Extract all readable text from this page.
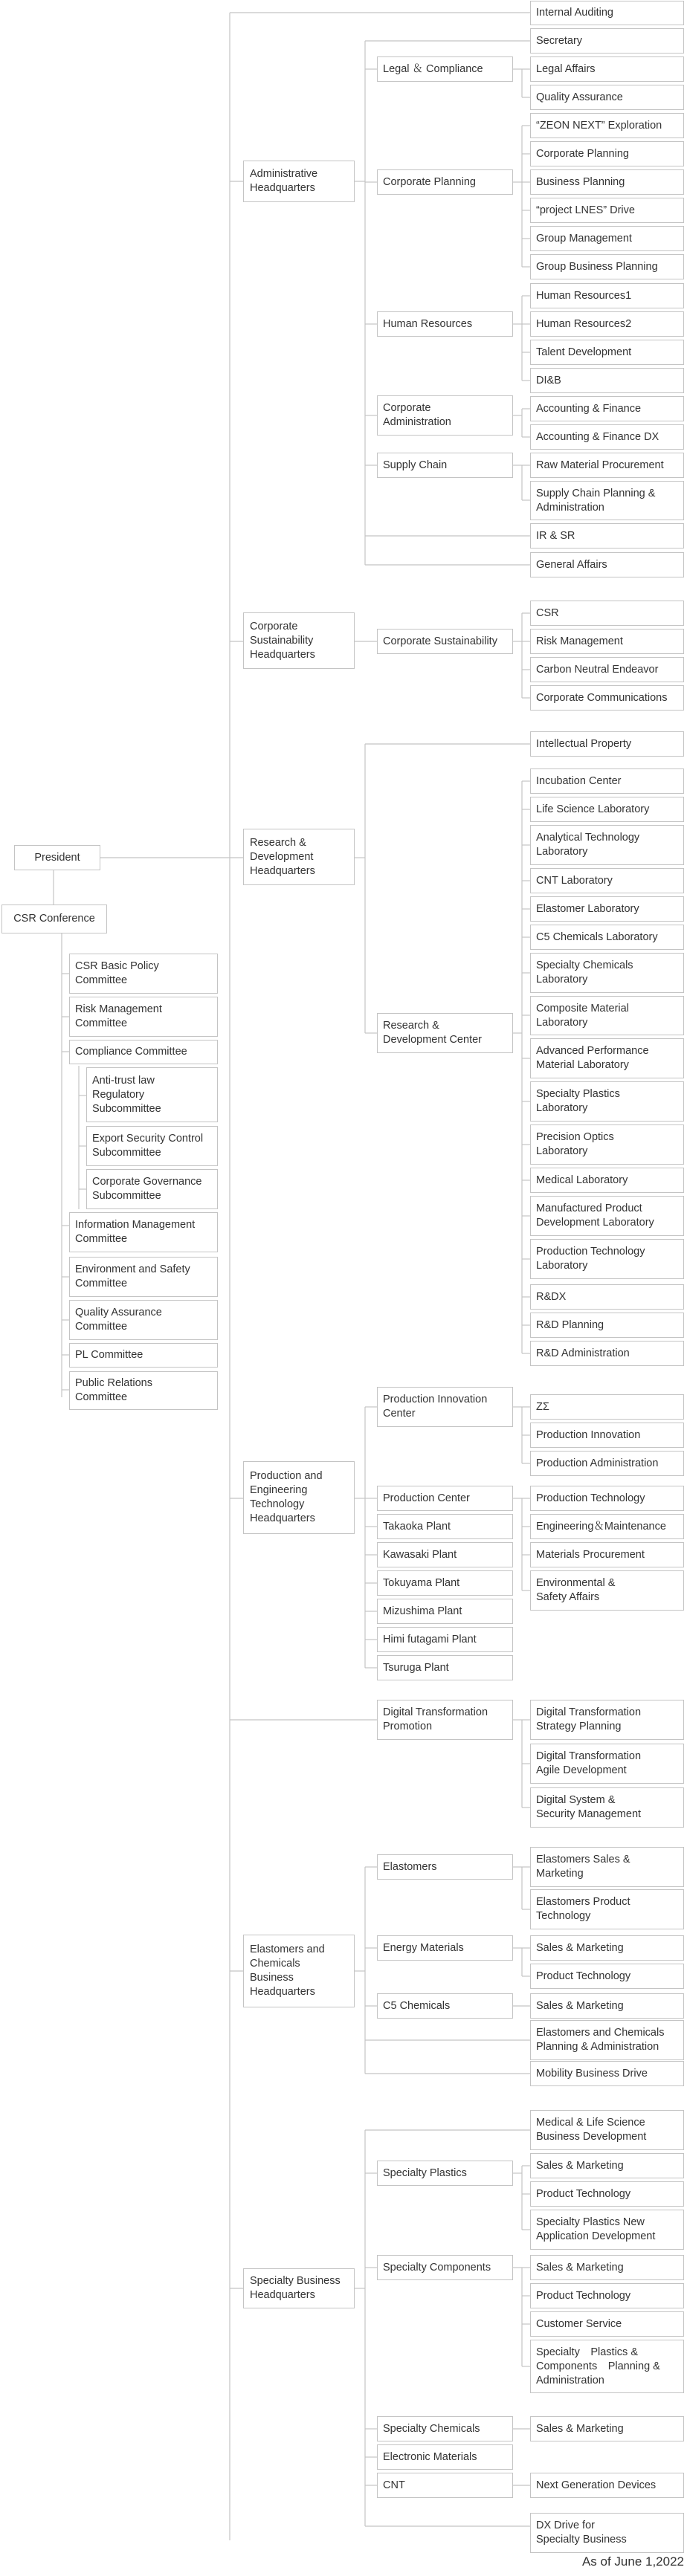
President
CSR Conference
CSR Basic Policy
Committee
Risk Management
Committee
Compliance Committee
Anti-trust law
Regulatory
Subcommittee
Export Security Control
Subcommittee
Corporate Governance
Subcommittee
Information Management
Committee
Environment and Safety
Committee
Quality Assurance
Committee
PL Committee
Public Relations
Committee
Administrative
Headquarters
Corporate
Sustainability
Headquarters
Research &
Development
Headquarters
Production and
Engineering
Technology
Headquarters
Elastomers and
Chemicals
Business
Headquarters
Specialty Business
Headquarters
Legal ＆ Compliance
Corporate Planning
Human Resources
Corporate
Administration
Supply Chain
Corporate Sustainability
Research &
Development Center
Production Innovation
Center
Production Center
Takaoka Plant
Kawasaki Plant
Tokuyama Plant
Mizushima Plant
Himi futagami Plant
Tsuruga Plant
Digital Transformation
Promotion
Elastomers
Energy Materials
C5 Chemicals
Specialty Plastics
Specialty Components
Specialty Chemicals
Electronic Materials
CNT
Internal Auditing
Secretary
Legal Affairs
Quality Assurance
“ZEON NEXT” Exploration
Corporate Planning
Business Planning
“project LNES” Drive
Group Management
Group Business Planning
Human Resources1
Human Resources2
Talent Development
DI&B
Accounting & Finance
Accounting & Finance DX
Raw Material Procurement
Supply Chain Planning &
Administration
IR & SR
General Affairs
CSR
Risk Management
Carbon Neutral Endeavor
Corporate Communications
Intellectual Property
Incubation Center
Life Science Laboratory
Analytical Technology
Laboratory
CNT Laboratory
Elastomer Laboratory
C5 Chemicals Laboratory
Specialty Chemicals
Laboratory
Composite Material
Laboratory
Advanced Performance
Material Laboratory
Specialty Plastics
Laboratory
Precision Optics
Laboratory
Medical Laboratory
Manufactured Product
Development Laboratory
Production Technology
Laboratory
R&DX
R&D Planning
R&D Administration
ZΣ
Production Innovation
Production Administration
Production Technology
Engineering＆Maintenance
Materials Procurement
Environmental &
Safety Affairs
Digital Transformation
Strategy Planning
Digital Transformation
Agile Development
Digital System &
Security Management
Elastomers Sales &
Marketing
Elastomers Product
Technology
Sales & Marketing
Product Technology
Sales & Marketing
Elastomers and Chemicals
Planning & Administration
Mobility Business Drive
Medical & Life Science
Business Development
Sales & Marketing
Product Technology
Specialty Plastics New
Application Development
Sales & Marketing
Product Technology
Customer Service
Specialty　Plastics &
Components　Planning &
Administration
Sales & Marketing
Next Generation Devices
DX Drive for
Specialty Business
As of June 1,2022
